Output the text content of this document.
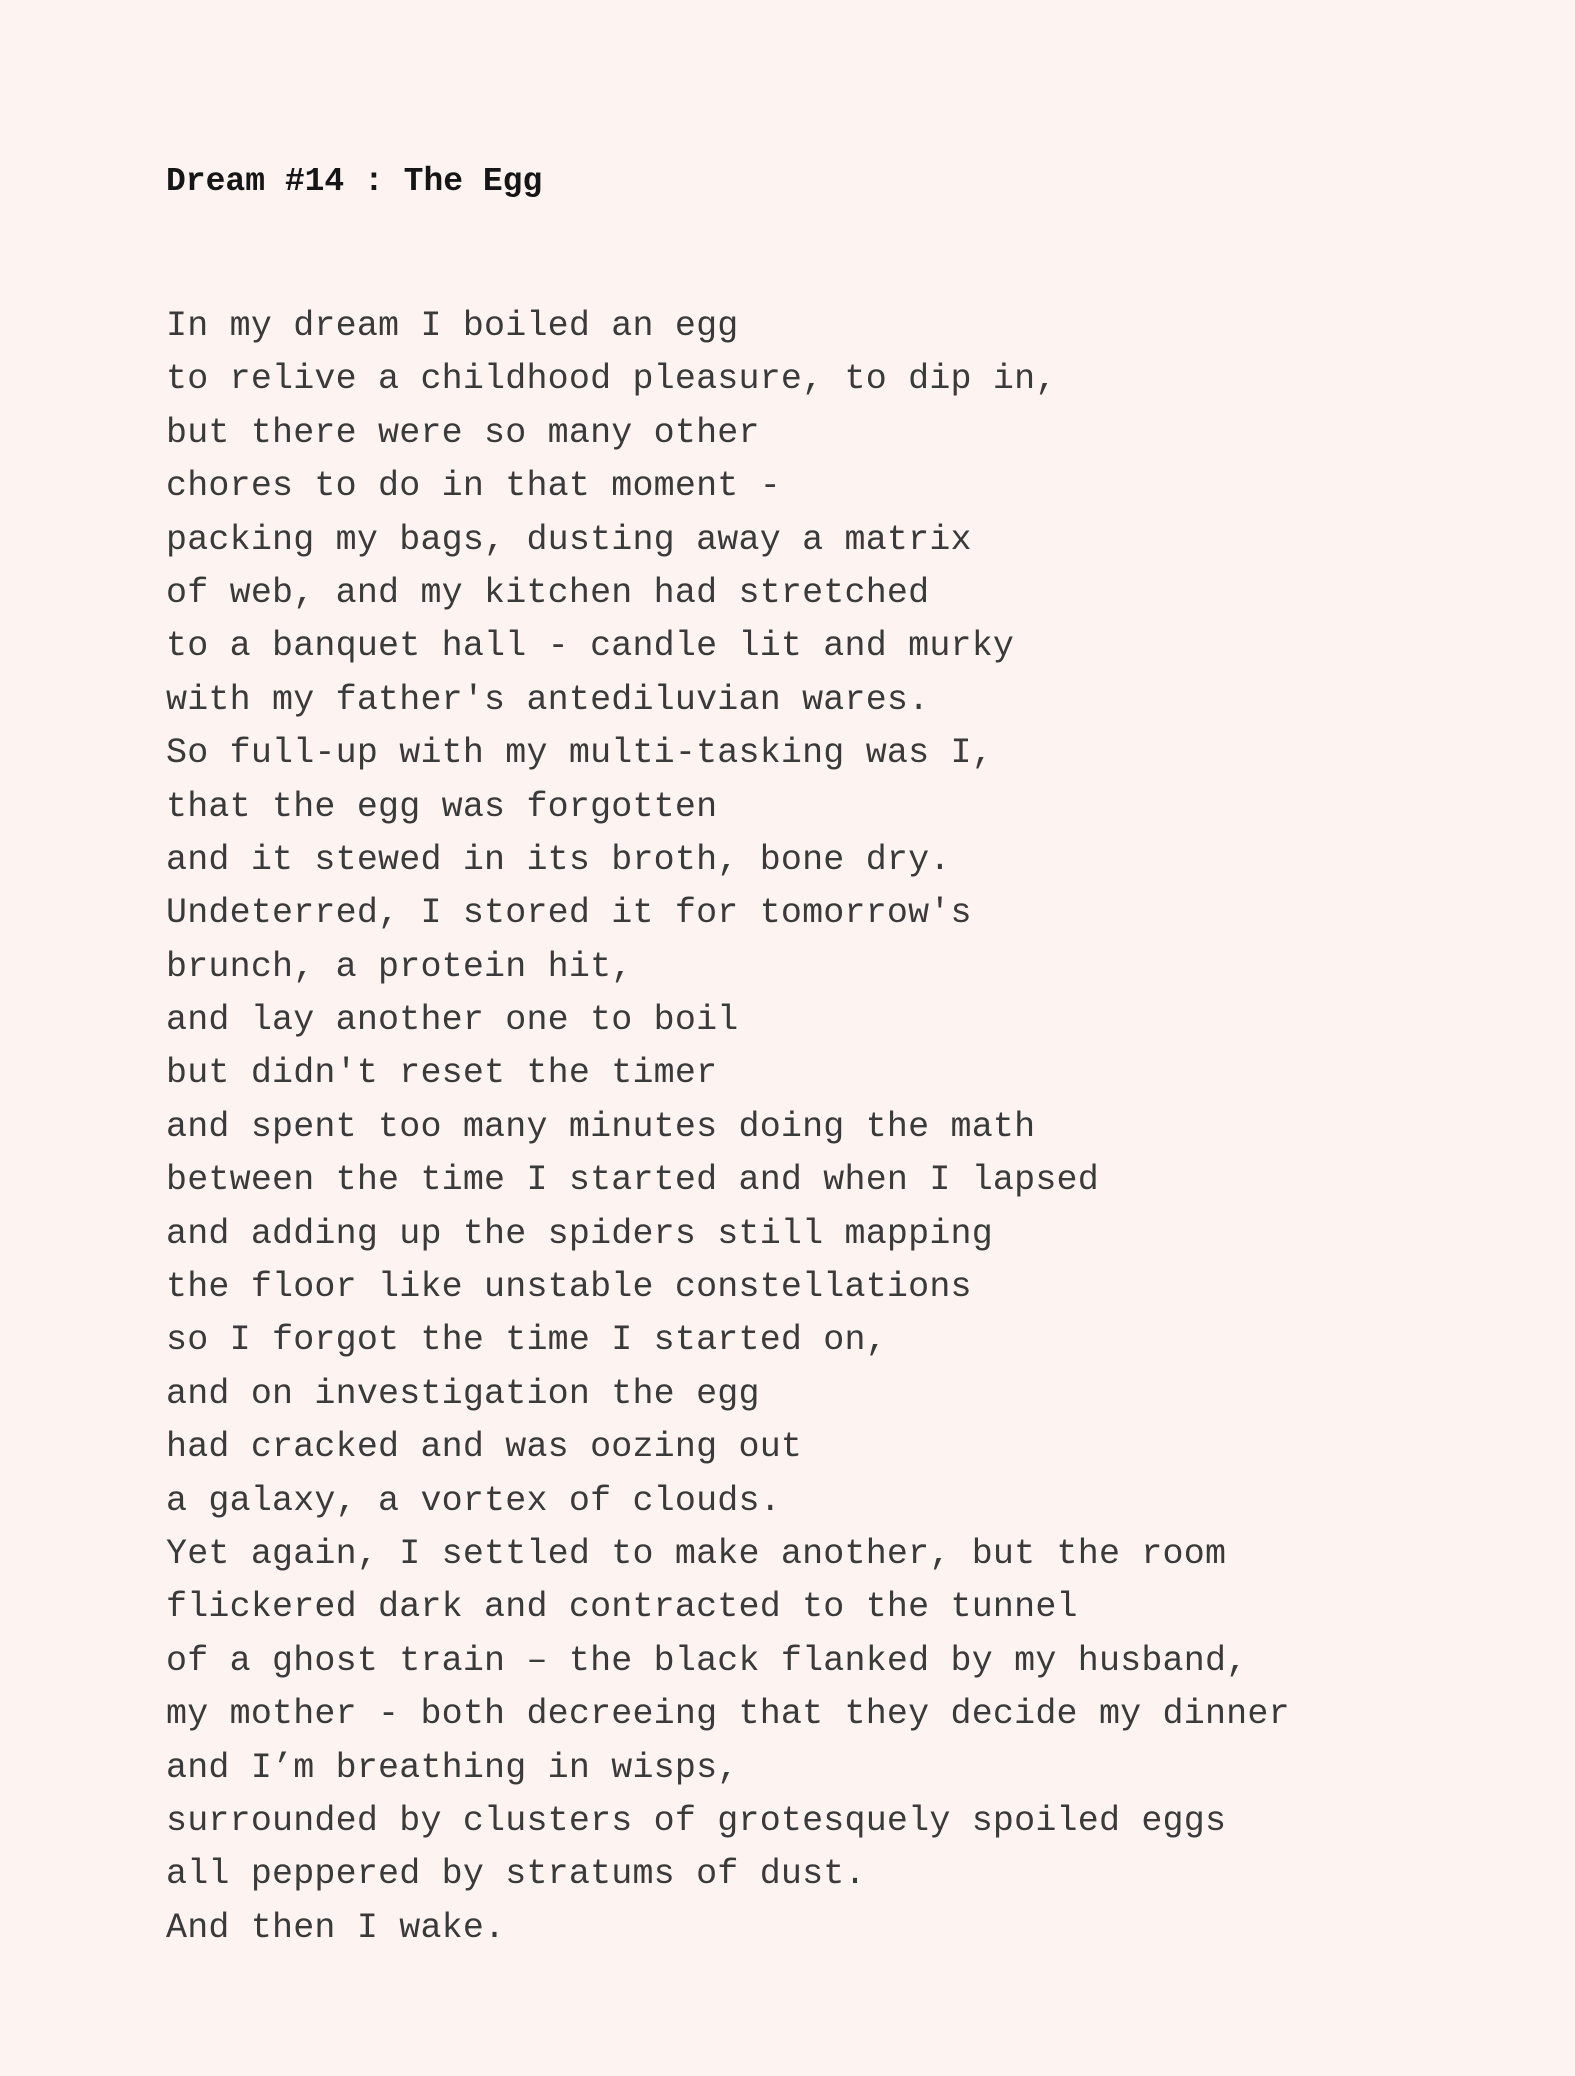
Dream #14 : The Egg
In my dream I boiled an egg
to relive a childhood pleasure, to dip in,
but there were so many other
chores to do in that moment -
packing my bags, dusting away a matrix
of web, and my kitchen had stretched
to a banquet hall - candle lit and murky
with my father's antediluvian wares.
So full-up with my multi-tasking was I,
that the egg was forgotten
and it stewed in its broth, bone dry.
Undeterred, I stored it for tomorrow's
brunch, a protein hit,
and lay another one to boil
but didn't reset the timer
and spent too many minutes doing the math
between the time I started and when I lapsed
and adding up the spiders still mapping
the floor like unstable constellations
so I forgot the time I started on,
and on investigation the egg
had cracked and was oozing out
a galaxy, a vortex of clouds.
Yet again, I settled to make another, but the room
flickered dark and contracted to the tunnel
of a ghost train – the black flanked by my husband,
my mother - both decreeing that they decide my dinner
and I’m breathing in wisps,
surrounded by clusters of grotesquely spoiled eggs
all peppered by stratums of dust.
And then I wake.
